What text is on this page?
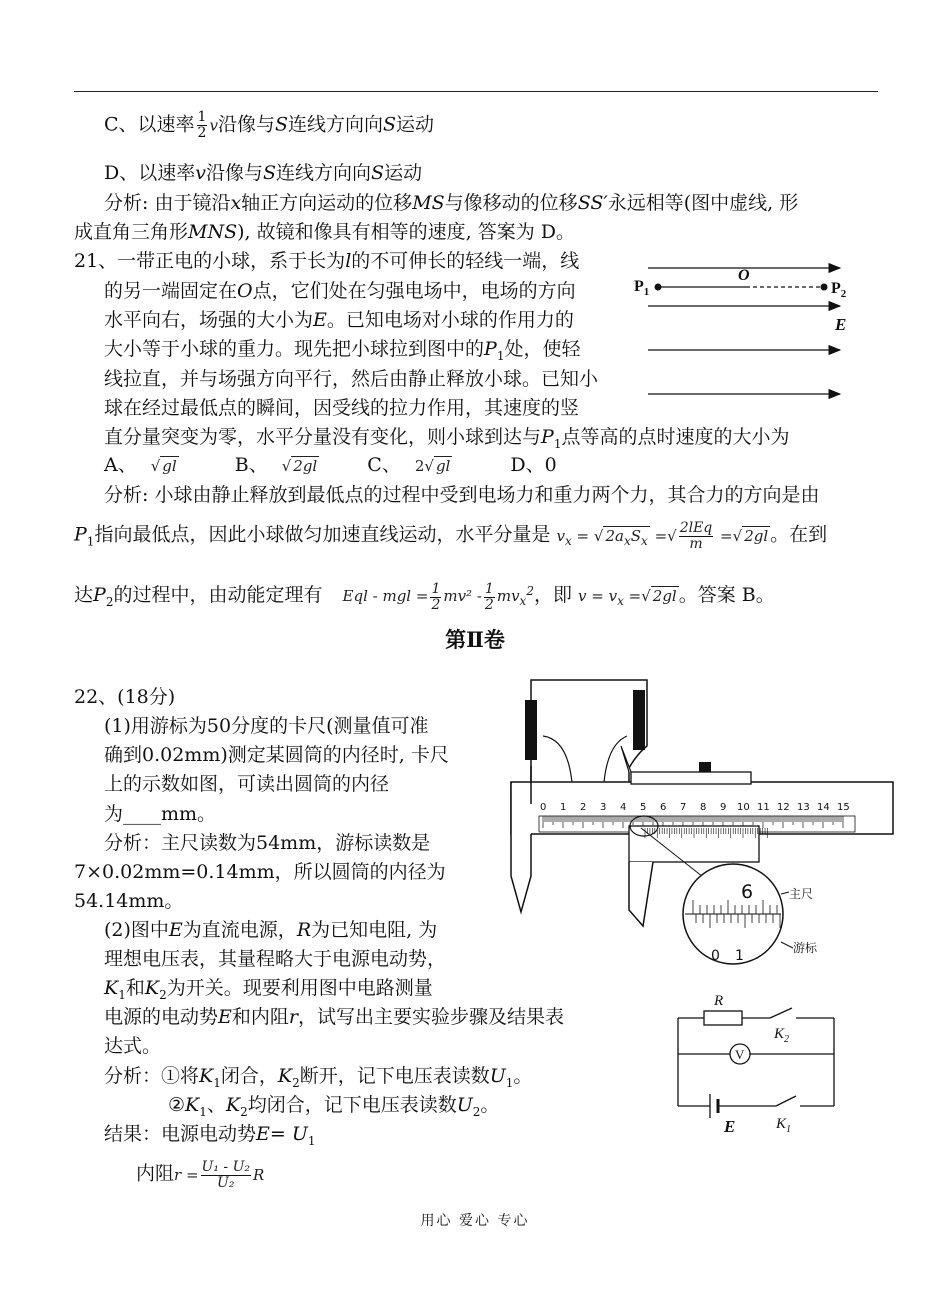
C、以速率 $\frac{1}{2}$ v沿像与S连线方向向S运动
D、以速率v沿像与S连线方向向S运动
分析: 由于镜沿x轴正方向运动的位移MS与像移动的位移SS′永远相等(图中虚线, 形
成直角三角形MNS), 故镜和像具有相等的速度, 答案为 D。
21、一带正电的小球，系于长为l的不可伸长的轻线一端，线
的另一端固定在O点，它们处在匀强电场中，电场的方向
水平向右，场强的大小为E。已知电场对小球的作用力的
大小等于小球的重力。现先把小球拉到图中的$P_1$处，使轻
线拉直，并与场强方向平行，然后由静止释放小球。已知小
球在经过最低点的瞬间，因受线的拉力作用，其速度的竖
直分量突变为零，水平分量没有变化，则小球到达与$P_1$点等高的点时速度的大小为
A、 √ gl	B、 √ 2gl	C、 2√ gl	D、0
$P_1$
O
$P_2$
E
分析: 小球由静止释放到最低点的过程中受到电场力和重力两个力，其合力的方向是由
$P_1$指向最低点，因此小球做匀加速直线运动，水平分量是 $v_x$ = √ $2a_xS_x$ =√ $\frac{\text{2lEq}}{m}$ =√ 2gl 。在到
达$P_2$的过程中，由动能定理有 Eql - mgl = $\frac{1}{2} mv^2 - \frac{1}{2} mv_x^2$，即 $v = v_x$ =√ 2gl 。答案 B。
第Ⅱ卷
22、(18分)
(1)用游标为50分度的卡尺(测量值可准
确到0.02mm)测定某圆筒的内径时, 卡尺
上的示数如图，可读出圆筒的内径
为____mm。
分析：主尺读数为54mm，游标读数是
7×0.02mm=0.14mm，所以圆筒的内径为
54.14mm。
(2)图中E为直流电源，R为已知电阻, 为
理想电压表，其量程略大于电源电动势，
$K_1$和$K_2$为开关。现要利用图中电路测量
电源的电动势E和内阻r，试写出主要实验步骤及结果表
达式。
分析：①将$K_1$闭合，$K_2$断开，记下电压表读数$U_1$。
$②K_1$、$K_2$均闭合，记下电压表读数$U_2$。
结果：电源电动势$E= U_1$
内阻$r = \frac{\text{U₁ - U₂}}{\text{U₂}}$ R
0 1 2 3 4 5 6 7 8 9 10 11 12 13 14 15
6	主尺
0 1	游标
R
$K_2$
V
E	$K_1$
用心 爱心 专心
